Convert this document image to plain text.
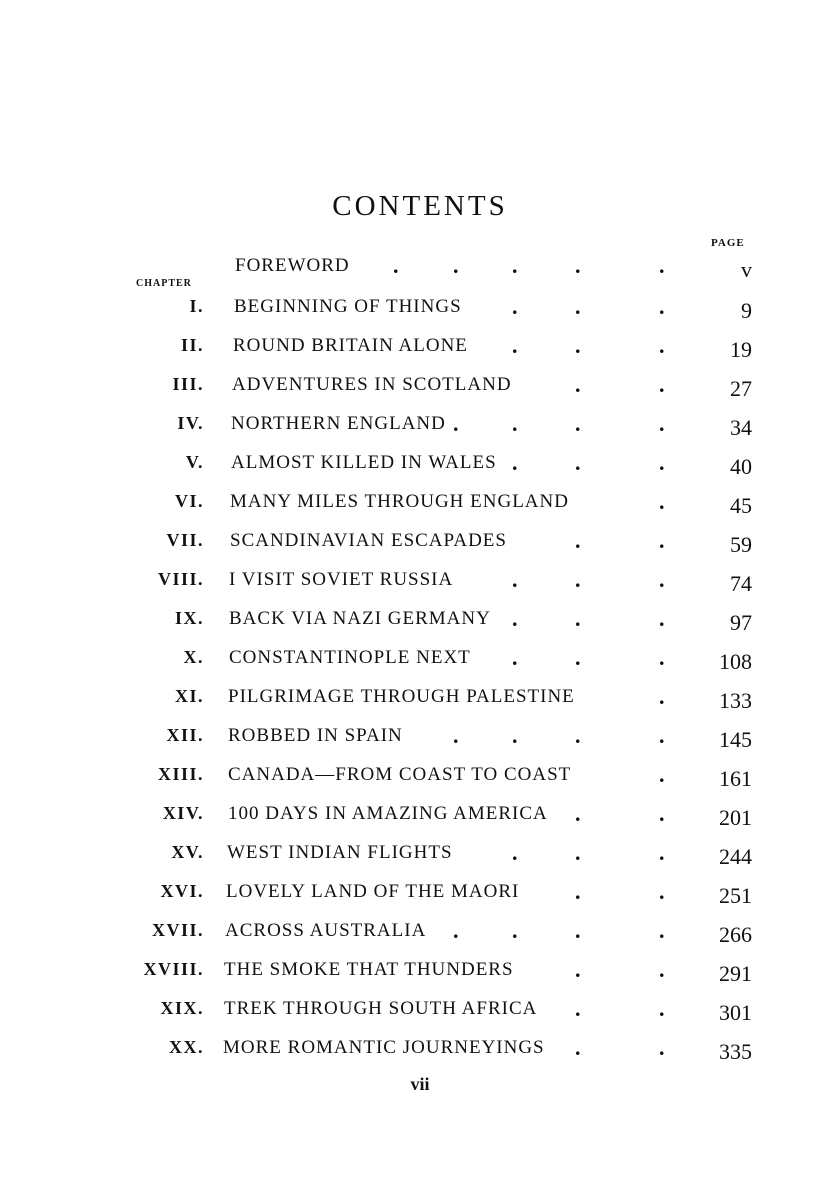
CONTENTS
PAGE
CHAPTER
FOREWORD	v
. . .	.	.
I. BEGINNING OF THINGS	9
.	.	.
II. ROUND BRITAIN ALONE	19
.	.	.
III. ADVENTURES IN SCOTLAND	27
.	.
IV. NORTHERN ENGLAND	34
. .	.	.
V. ALMOST KILLED IN WALES	40
.	.	.
VI. MANY MILES THROUGH ENGLAND	45
.
VII. SCANDINAVIAN ESCAPADES	59
.	.
VIII. I VISIT SOVIET RUSSIA	74
.	.	.
IX. BACK VIA NAZI GERMANY	97
.	.	.
X. CONSTANTINOPLE NEXT	108
.	.	.
XI. PILGRIMAGE THROUGH PALESTINE	133
.
XII. ROBBED IN SPAIN	145
. .	.	.
XIII. CANADA—FROM COAST TO COAST	161
.
XIV. 100 DAYS IN AMAZING AMERICA	201
.	.
XV. WEST INDIAN FLIGHTS	244
.	.	.
XVI. LOVELY LAND OF THE MAORI	251
.	.
XVII. ACROSS AUSTRALIA	266
. .	.	.
XVIII. THE SMOKE THAT THUNDERS	291
.	.
XIX. TREK THROUGH SOUTH AFRICA	301
.	.
XX. MORE ROMANTIC JOURNEYINGS	335
.	.
vii
